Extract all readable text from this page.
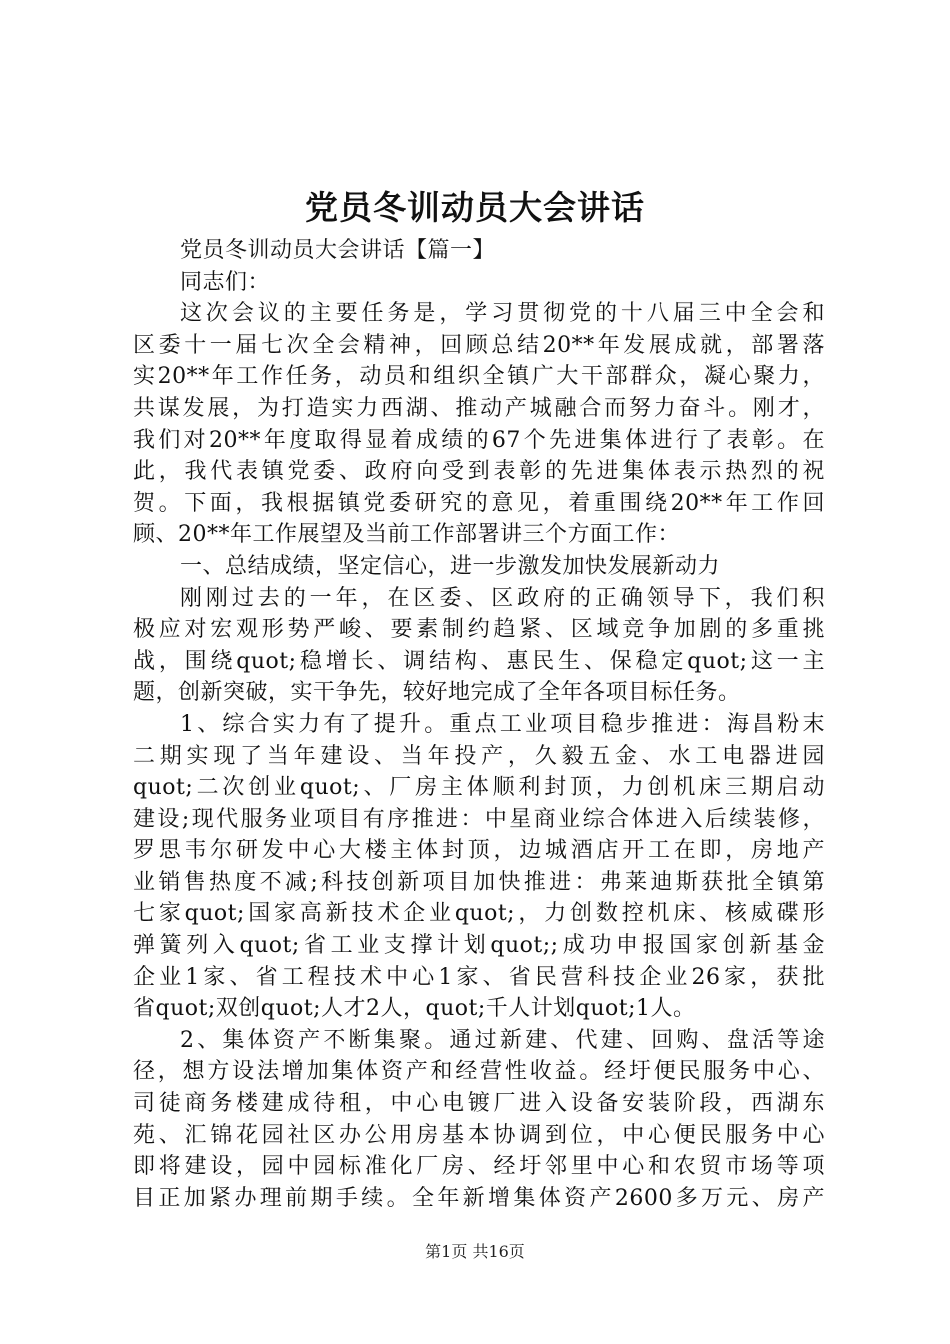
党员冬训动员大会讲话
党员冬训动员大会讲话【篇一】
同志们：
这次会议的主要任务是，学习贯彻党的十八届三中全会和
区委十一届七次全会精神，回顾总结20**年发展成就，部署落
实20**年工作任务，动员和组织全镇广大干部群众，凝心聚力，
共谋发展，为打造实力西湖、推动产城融合而努力奋斗。刚才，
我们对20**年度取得显着成绩的67个先进集体进行了表彰。在
此，我代表镇党委、政府向受到表彰的先进集体表示热烈的祝
贺。下面，我根据镇党委研究的意见，着重围绕20**年工作回
顾、20**年工作展望及当前工作部署讲三个方面工作：
一、总结成绩，坚定信心，进一步激发加快发展新动力
刚刚过去的一年，在区委、区政府的正确领导下，我们积
极应对宏观形势严峻、要素制约趋紧、区域竞争加剧的多重挑
战，围绕quot;稳增长、调结构、惠民生、保稳定quot;这一主
题，创新突破，实干争先，较好地完成了全年各项目标任务。
1、综合实力有了提升。重点工业项目稳步推进：海昌粉末
二期实现了当年建设、当年投产，久毅五金、水工电器进园
quot;二次创业quot;、厂房主体顺利封顶，力创机床三期启动
建设;现代服务业项目有序推进：中星商业综合体进入后续装修，
罗思韦尔研发中心大楼主体封顶，边城酒店开工在即，房地产
业销售热度不减;科技创新项目加快推进：弗莱迪斯获批全镇第
七家quot;国家高新技术企业quot;，力创数控机床、核威碟形
弹簧列入quot;省工业支撑计划quot;;成功申报国家创新基金
企业1家、省工程技术中心1家、省民营科技企业26家，获批
省quot;双创quot;人才2人，quot;千人计划quot;1人。
2、集体资产不断集聚。通过新建、代建、回购、盘活等途
径，想方设法增加集体资产和经营性收益。经圩便民服务中心、
司徒商务楼建成待租，中心电镀厂进入设备安装阶段，西湖东
苑、汇锦花园社区办公用房基本协调到位，中心便民服务中心
即将建设，园中园标准化厂房、经圩邻里中心和农贸市场等项
目正加紧办理前期手续。全年新增集体资产2600多万元、房产
第1页 共16页
